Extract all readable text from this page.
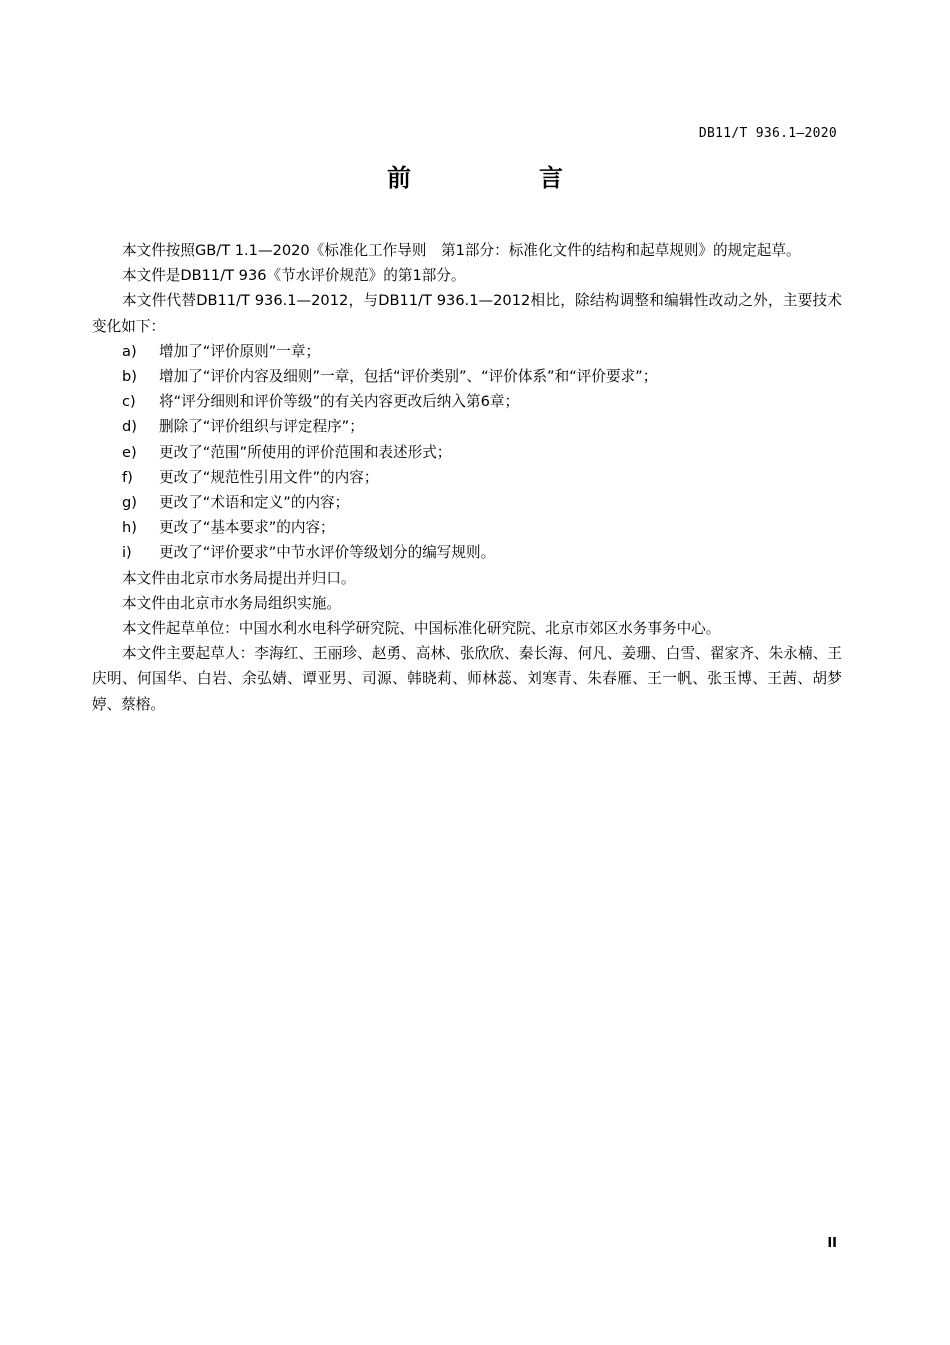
DB11/T 936.1—2020
前　言

本文件按照GB/T 1.1—2020《标准化工作导则　第1部分：标准化文件的结构和起草规则》的规定起草。

本文件是DB11/T 936《节水评价规范》的第1部分。

本文件代替DB11/T 936.1—2012，与DB11/T 936.1—2012相比，除结构调整和编辑性改动之外，主要技术变化如下：

a)	增加了“评价原则”一章；

b)	增加了“评价内容及细则”一章，包括“评价类别”、“评价体系”和“评价要求”；

c)	将“评分细则和评价等级”的有关内容更改后纳入第6章；

d)	删除了“评价组织与评定程序”；

e)	更改了“范围”所使用的评价范围和表述形式；

f)	更改了“规范性引用文件”的内容；

g)	更改了“术语和定义”的内容；

h)	更改了“基本要求”的内容；

i)	更改了“评价要求”中节水评价等级划分的编写规则。

本文件由北京市水务局提出并归口。

本文件由北京市水务局组织实施。

本文件起草单位：中国水利水电科学研究院、中国标准化研究院、北京市郊区水务事务中心。

本文件主要起草人：李海红、王丽珍、赵勇、高林、张欣欣、秦长海、何凡、姜珊、白雪、翟家齐、朱永楠、王庆明、何国华、白岩、余弘婧、谭亚男、司源、韩晓莉、师林蕊、刘寒青、朱春雁、王一帆、张玉博、王茜、胡梦婷、蔡榕。

II
